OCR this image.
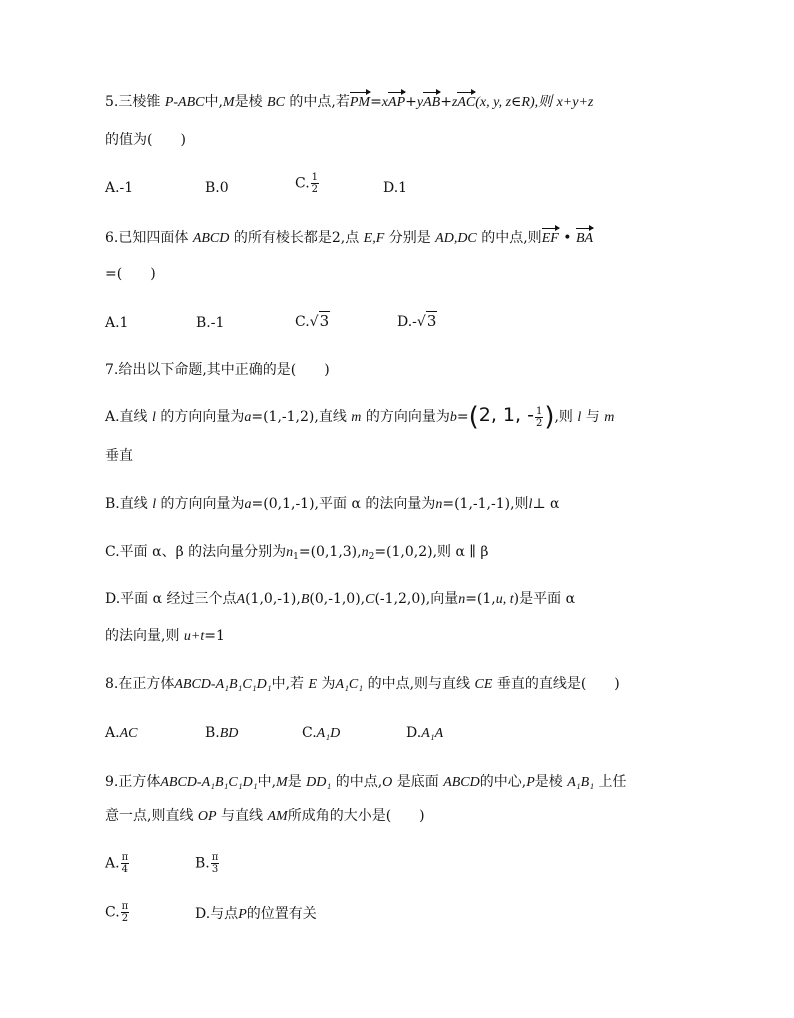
5.三棱锥 P-ABC中,M是棱 BC 的中点,若PM=xAP+yAB+zAC(x, y, z∈R),则 x+y+z
的值为(　　)
A.-1	B.0	C. $\frac{1}{2}$	D.1
6.已知四面体 ABCD 的所有棱长都是2,点 E,F 分别是 AD,DC 的中点,则EF • BA
=(　　)
A.1	B.-1	C.√3	D.-√3
7.给出以下命题,其中正确的是(　　)
A.直线 l 的方向向量为a=(1,-1,2),直线 m 的方向向量为b=(2, 1, - $\frac{1}{2}$ ),则 l 与 m
垂直
B.直线 l 的方向向量为a=(0,1,-1),平面 α 的法向量为n=(1,-1,-1),则l⊥ α
C.平面 α、β 的法向量分别为$n_1=(0,1,3),n_2=(1,0,2)$,则 α ∥ β
D.平面 α 经过三个点A(1,0,-1),B(0,-1,0),C(-1,2,0),向量n=(1,u, t)是平面 α
的法向量,则 u+t=1
8.在正方体ABCD-A₁B₁C₁D₁中,若 E 为A₁C₁ 的中点,则与直线 CE 垂直的直线是(　　)
A.AC	B.BD	C.A₁D	D.A₁A
9.正方体ABCD-A₁B₁C₁D₁中,M是 DD₁ 的中点,O 是底面 ABCD的中心,P是棱 A₁B₁ 上任
意一点,则直线 OP 与直线 AM所成角的大小是(　　)
A. $\frac{\pi}{4}$	B. $\frac{\pi}{3}$
C. $\frac{\pi}{2}$	D.与点P的位置有关
